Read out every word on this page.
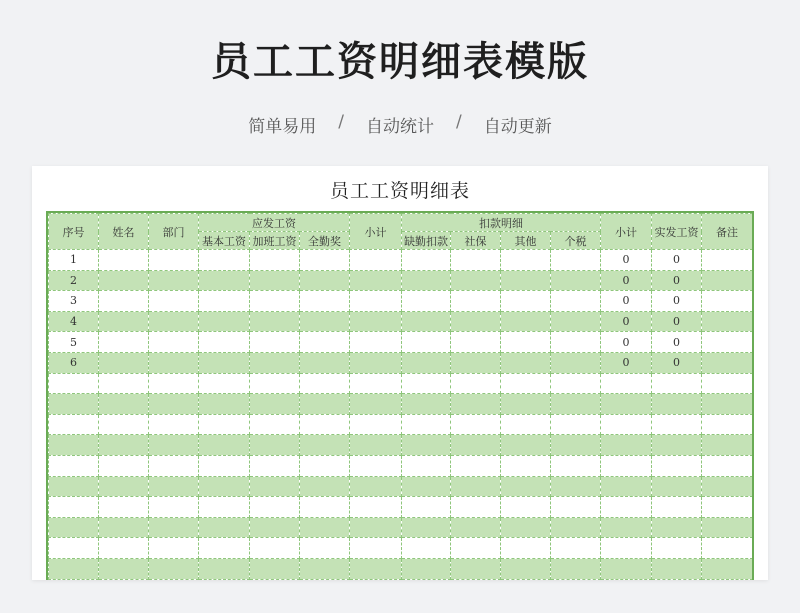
员工工资明细表模版
简单易用 / 自动统计 / 自动更新
员工工资明细表
序号	姓名	部门	应发工资			小计	扣款明细				小计	实发工资	备注
			基本工资	加班工资	全勤奖		缺勤扣款	社保	其他	个税			
1											0	0	
2											0	0	
3											0	0	
4											0	0	
5											0	0	
6											0	0	
